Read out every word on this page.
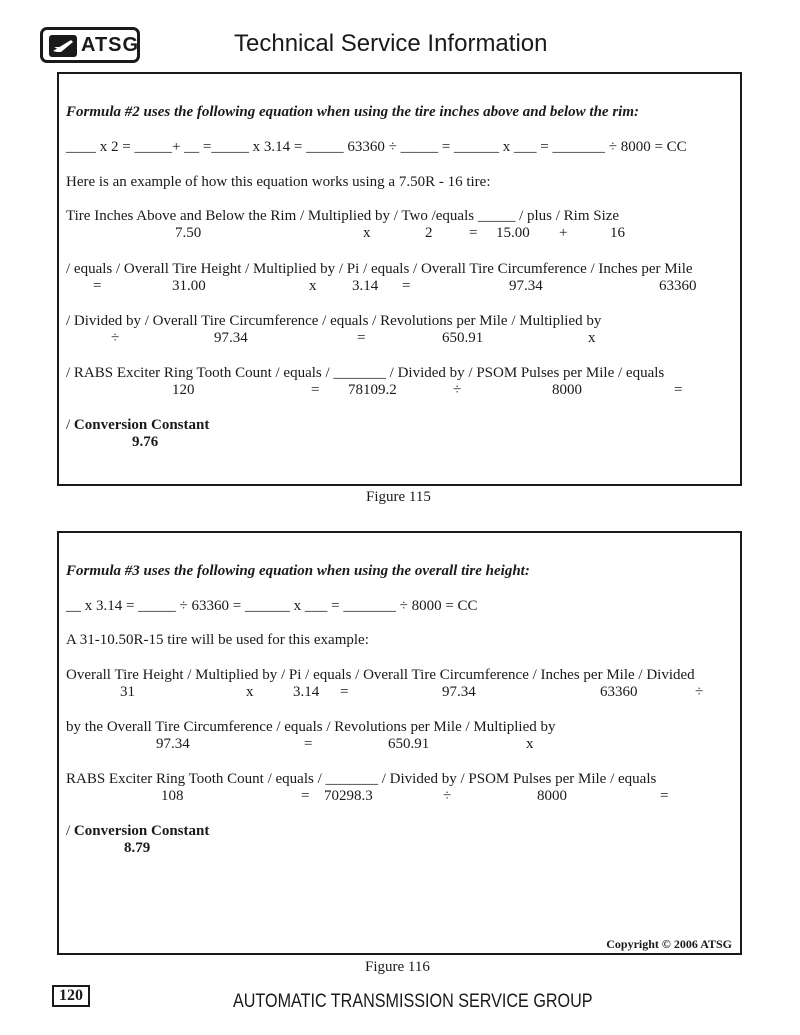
ATSG	Technical Service Information
Formula #2 uses the following equation when using the tire inches above and below the rim:
____ x 2 = _____+ __ =_____ x 3.14 = _____ 63360 ÷ _____ = ______ x ___ = _______ ÷ 8000 = CC
Here is an example of how this equation works using a 7.50R - 16 tire:
Tire Inches Above and Below the Rim / Multiplied by / Two /equals _____ / plus / Rim Size
7.50	x	2 = 15.00 +	16
/ equals / Overall Tire Height / Multiplied by / Pi / equals / Overall Tire Circumference / Inches per Mile
=	31.00	x 3.14 =	97.34	63360
/ Divided by / Overall Tire Circumference / equals / Revolutions per Mile / Multiplied by
÷	97.34	=	650.91	x
/ RABS Exciter Ring Tooth Count / equals / _______ / Divided by / PSOM Pulses per Mile / equals
120	= 78109.2	÷	8000	=
/ Conversion Constant
9.76
Figure 115
Formula #3 uses the following equation when using the overall tire height:
__ x 3.14 = _____ ÷ 63360 = ______ x ___ = _______ ÷ 8000 = CC
A 31-10.50R-15 tire will be used for this example:
Overall Tire Height / Multiplied by / Pi / equals / Overall Tire Circumference / Inches per Mile / Divided
31	x	3.14 =	97.34	63360	÷
by the Overall Tire Circumference / equals / Revolutions per Mile / Multiplied by
97.34	=	650.91	x
RABS Exciter Ring Tooth Count / equals / _______ / Divided by / PSOM Pulses per Mile / equals
108	= 70298.3	÷	8000	=
/ Conversion Constant
8.79
Copyright © 2006 ATSG
Figure 116
120	AUTOMATIC TRANSMISSION SERVICE GROUP
